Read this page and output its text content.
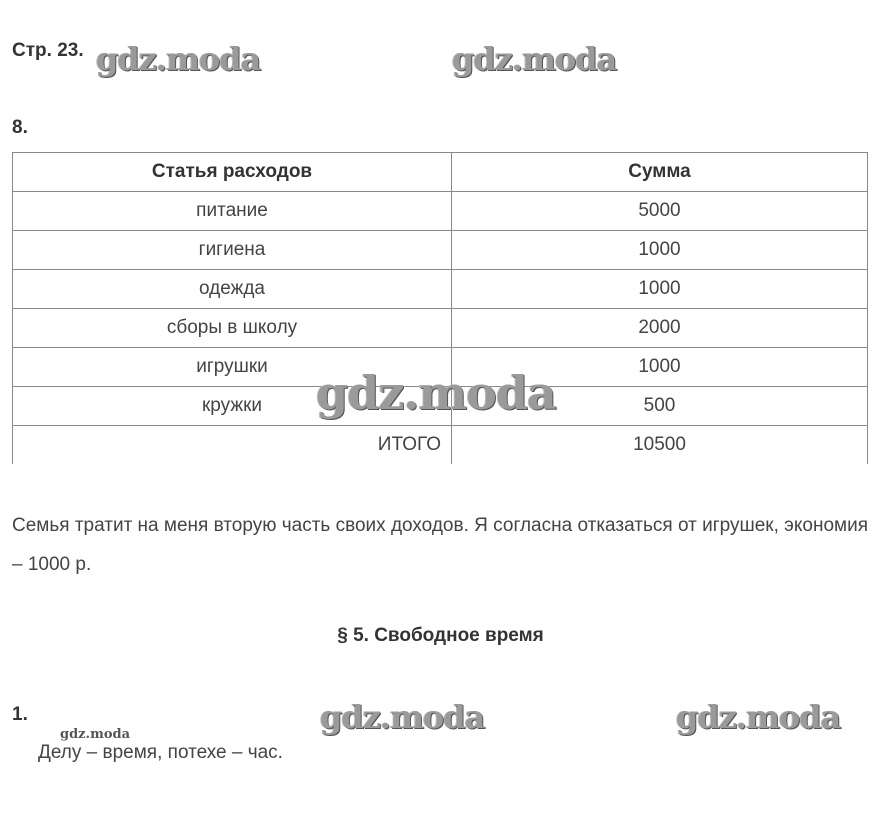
Стр. 23. gdz.moda	gdz.moda
8.
Статья расходов	Сумма
питание	5000
гигиена	1000
одежда	1000
сборы в школу	2000
игрушки	1000
кружки	500
ИТОГО	10500
gdz.moda
Семья тратит на меня вторую часть своих доходов. Я согласна отказаться от игрушек, экономия – 1000 р.
§ 5. Свободное время
1.
gdz.moda	gdz.moda	gdz.moda
Делу – время, потехе – час.
